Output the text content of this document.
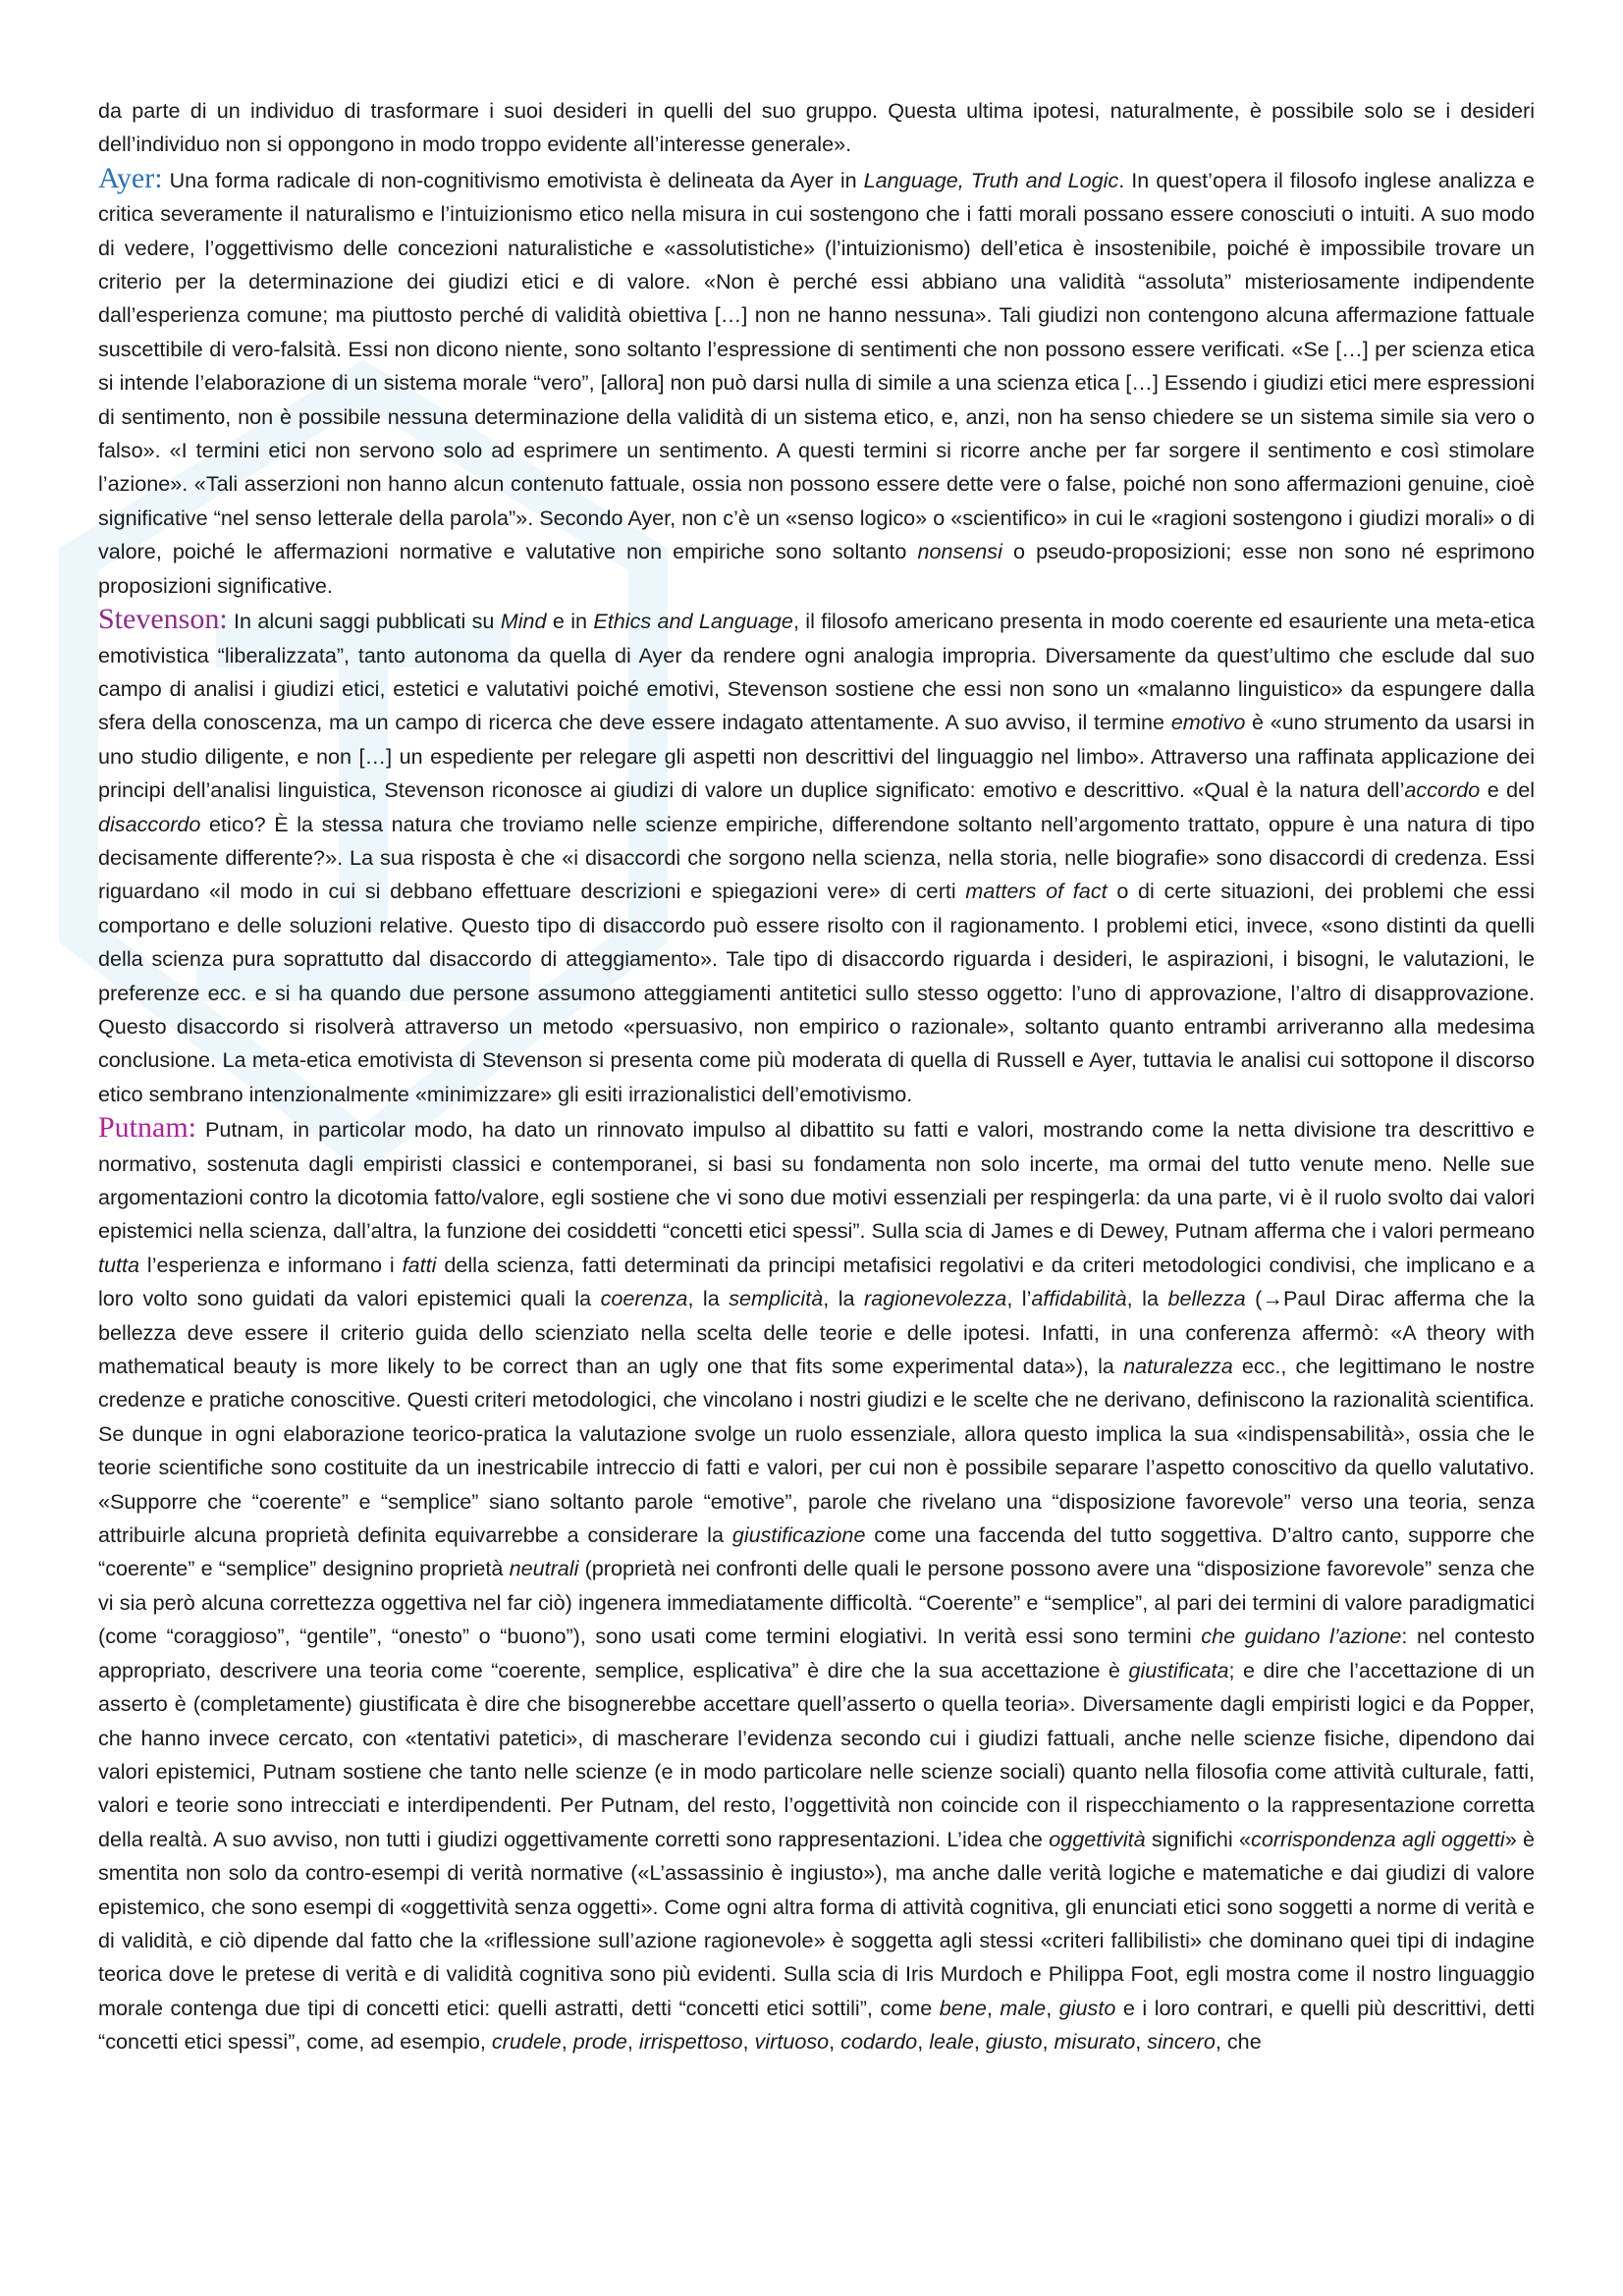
da parte di un individuo di trasformare i suoi desideri in quelli del suo gruppo. Questa ultima ipotesi, naturalmente, è possibile solo se i desideri dell’individuo non si oppongono in modo troppo evidente all’interesse generale».

Ayer: Una forma radicale di non-cognitivismo emotivista è delineata da Ayer in Language, Truth and Logic. In quest’opera il filosofo inglese analizza e critica severamente il naturalismo e l’intuizionismo etico nella misura in cui sostengono che i fatti morali possano essere conosciuti o intuiti. A suo modo di vedere, l’oggettivismo delle concezioni naturalistiche e «assolutistiche» (l’intuizionismo) dell’etica è insostenibile, poiché è impossibile trovare un criterio per la determinazione dei giudizi etici e di valore. «Non è perché essi abbiano una validità “assoluta” misteriosamente indipendente dall’esperienza comune; ma piuttosto perché di validità obiettiva […] non ne hanno nessuna». Tali giudizi non contengono alcuna affermazione fattuale suscettibile di vero-falsità. Essi non dicono niente, sono soltanto l’espressione di sentimenti che non possono essere verificati. «Se […] per scienza etica si intende l’elaborazione di un sistema morale “vero”, [allora] non può darsi nulla di simile a una scienza etica […] Essendo i giudizi etici mere espressioni di sentimento, non è possibile nessuna determinazione della validità di un sistema etico, e, anzi, non ha senso chiedere se un sistema simile sia vero o falso». «I termini etici non servono solo ad esprimere un sentimento. A questi termini si ricorre anche per far sorgere il sentimento e così stimolare l’azione». «Tali asserzioni non hanno alcun contenuto fattuale, ossia non possono essere dette vere o false, poiché non sono affermazioni genuine, cioè significative “nel senso letterale della parola”». Secondo Ayer, non c’è un «senso logico» o «scientifico» in cui le «ragioni sostengono i giudizi morali» o di valore, poiché le affermazioni normative e valutative non empiriche sono soltanto nonsensi o pseudo-proposizioni; esse non sono né esprimono proposizioni significative.

Stevenson: In alcuni saggi pubblicati su Mind e in Ethics and Language, il filosofo americano presenta in modo coerente ed esauriente una meta-etica emotivistica “liberalizzata”, tanto autonoma da quella di Ayer da rendere ogni analogia impropria. Diversamente da quest’ultimo che esclude dal suo campo di analisi i giudizi etici, estetici e valutativi poiché emotivi, Stevenson sostiene che essi non sono un «malanno linguistico» da espungere dalla sfera della conoscenza, ma un campo di ricerca che deve essere indagato attentamente. A suo avviso, il termine emotivo è «uno strumento da usarsi in uno studio diligente, e non […] un espediente per relegare gli aspetti non descrittivi del linguaggio nel limbo». Attraverso una raffinata applicazione dei principi dell’analisi linguistica, Stevenson riconosce ai giudizi di valore un duplice significato: emotivo e descrittivo. «Qual è la natura dell’accordo e del disaccordo etico? È la stessa natura che troviamo nelle scienze empiriche, differendone soltanto nell’argomento trattato, oppure è una natura di tipo decisamente differente?». La sua risposta è che «i disaccordi che sorgono nella scienza, nella storia, nelle biografie» sono disaccordi di credenza. Essi riguardano «il modo in cui si debbano effettuare descrizioni e spiegazioni vere» di certi matters of fact o di certe situazioni, dei problemi che essi comportano e delle soluzioni relative. Questo tipo di disaccordo può essere risolto con il ragionamento. I problemi etici, invece, «sono distinti da quelli della scienza pura soprattutto dal disaccordo di atteggiamento». Tale tipo di disaccordo riguarda i desideri, le aspirazioni, i bisogni, le valutazioni, le preferenze ecc. e si ha quando due persone assumono atteggiamenti antitetici sullo stesso oggetto: l’uno di approvazione, l’altro di disapprovazione. Questo disaccordo si risolverà attraverso un metodo «persuasivo, non empirico o razionale», soltanto quanto entrambi arriveranno alla medesima conclusione. La meta-etica emotivista di Stevenson si presenta come più moderata di quella di Russell e Ayer, tuttavia le analisi cui sottopone il discorso etico sembrano intenzionalmente «minimizzare» gli esiti irrazionalistici dell’emotivismo.

Putnam: Putnam, in particolar modo, ha dato un rinnovato impulso al dibattito su fatti e valori, mostrando come la netta divisione tra descrittivo e normativo, sostenuta dagli empiristi classici e contemporanei, si basi su fondamenta non solo incerte, ma ormai del tutto venute meno. Nelle sue argomentazioni contro la dicotomia fatto/valore, egli sostiene che vi sono due motivi essenziali per respingerla: da una parte, vi è il ruolo svolto dai valori epistemici nella scienza, dall’altra, la funzione dei cosiddetti “concetti etici spessi”. Sulla scia di James e di Dewey, Putnam afferma che i valori permeano tutta l’esperienza e informano i fatti della scienza, fatti determinati da principi metafisici regolativi e da criteri metodologici condivisi, che implicano e a loro volto sono guidati da valori epistemici quali la coerenza, la semplicità, la ragionevolezza, l’affidabilità, la bellezza (→Paul Dirac afferma che la bellezza deve essere il criterio guida dello scienziato nella scelta delle teorie e delle ipotesi. Infatti, in una conferenza affermò: «A theory with mathematical beauty is more likely to be correct than an ugly one that fits some experimental data»), la naturalezza ecc., che legittimano le nostre credenze e pratiche conoscitive. Questi criteri metodologici, che vincolano i nostri giudizi e le scelte che ne derivano, definiscono la razionalità scientifica. Se dunque in ogni elaborazione teorico-pratica la valutazione svolge un ruolo essenziale, allora questo implica la sua «indispensabilità», ossia che le teorie scientifiche sono costituite da un inestricabile intreccio di fatti e valori, per cui non è possibile separare l’aspetto conoscitivo da quello valutativo. «Supporre che “coerente” e “semplice” siano soltanto parole “emotive”, parole che rivelano una “disposizione favorevole” verso una teoria, senza attribuirle alcuna proprietà definita equivarrebbe a considerare la giustificazione come una faccenda del tutto soggettiva. D’altro canto, supporre che “coerente” e “semplice” designino proprietà neutrali (proprietà nei confronti delle quali le persone possono avere una “disposizione favorevole” senza che vi sia però alcuna correttezza oggettiva nel far ciò) ingenera immediatamente difficoltà. “Coerente” e “semplice”, al pari dei termini di valore paradigmatici (come “coraggioso”, “gentile”, “onesto” o “buono”), sono usati come termini elogiativi. In verità essi sono termini che guidano l’azione: nel contesto appropriato, descrivere una teoria come “coerente, semplice, esplicativa” è dire che la sua accettazione è giustificata; e dire che l’accettazione di un asserto è (completamente) giustificata è dire che bisognerebbe accettare quell’asserto o quella teoria». Diversamente dagli empiristi logici e da Popper, che hanno invece cercato, con «tentativi patetici», di mascherare l’evidenza secondo cui i giudizi fattuali, anche nelle scienze fisiche, dipendono dai valori epistemici, Putnam sostiene che tanto nelle scienze (e in modo particolare nelle scienze sociali) quanto nella filosofia come attività culturale, fatti, valori e teorie sono intrecciati e interdipendenti. Per Putnam, del resto, l’oggettività non coincide con il rispecchiamento o la rappresentazione corretta della realtà. A suo avviso, non tutti i giudizi oggettivamente corretti sono rappresentazioni. L’idea che oggettività significhi «corrispondenza agli oggetti» è smentita non solo da contro-esempi di verità normative («L’assassinio è ingiusto»), ma anche dalle verità logiche e matematiche e dai giudizi di valore epistemico, che sono esempi di «oggettività senza oggetti». Come ogni altra forma di attività cognitiva, gli enunciati etici sono soggetti a norme di verità e di validità, e ciò dipende dal fatto che la «riflessione sull’azione ragionevole» è soggetta agli stessi «criteri fallibilisti» che dominano quei tipi di indagine teorica dove le pretese di verità e di validità cognitiva sono più evidenti. Sulla scia di Iris Murdoch e Philippa Foot, egli mostra come il nostro linguaggio morale contenga due tipi di concetti etici: quelli astratti, detti “concetti etici sottili”, come bene, male, giusto e i loro contrari, e quelli più descrittivi, detti “concetti etici spessi”, come, ad esempio, crudele, prode, irrispettoso, virtuoso, codardo, leale, giusto, misurato, sincero, che
